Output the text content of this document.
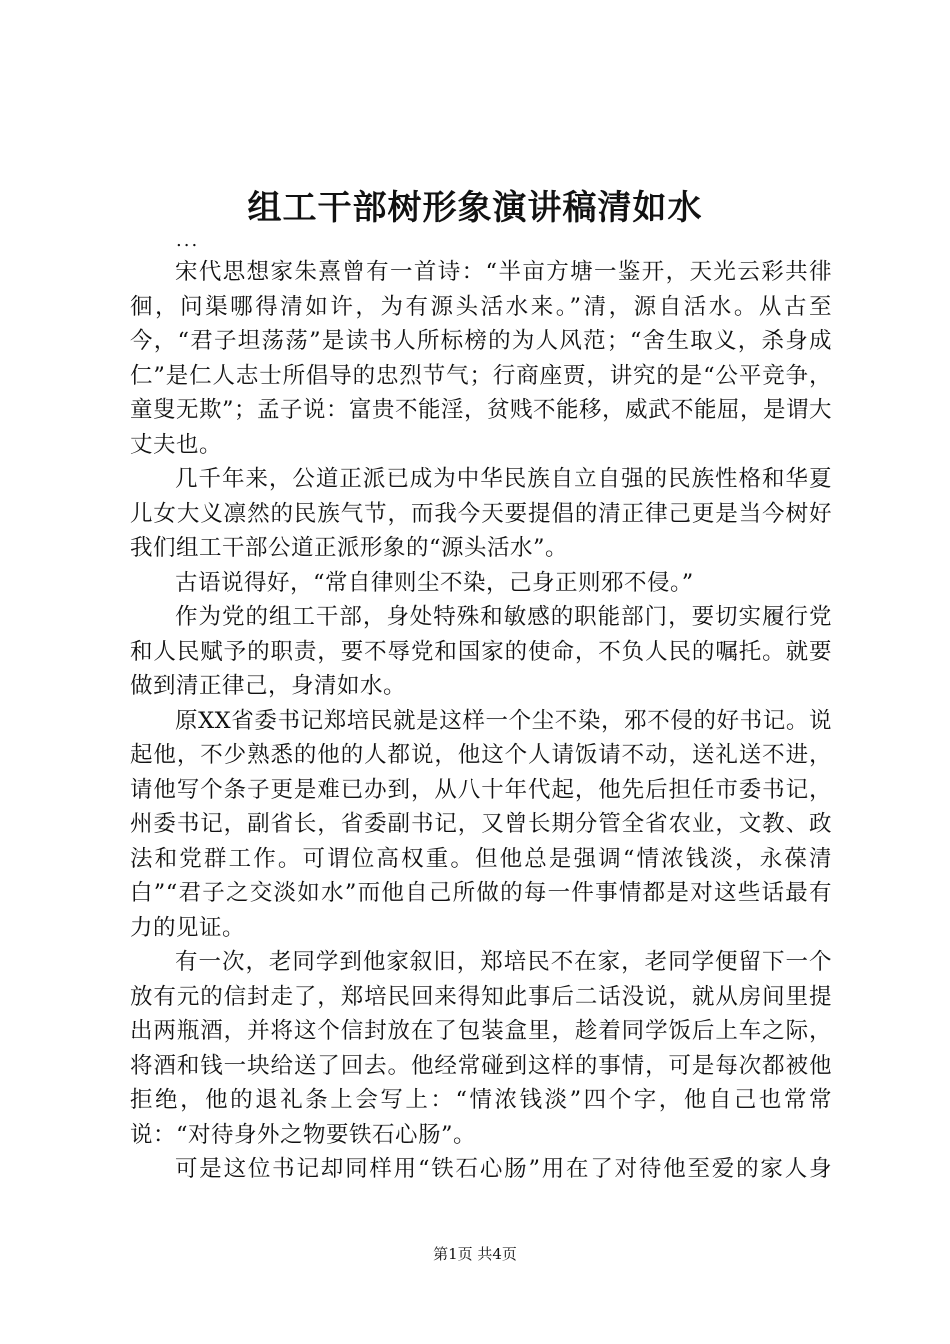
组工干部树形象演讲稿清如水
...

宋代思想家朱熹曾有一首诗：“半亩方塘一鉴开，天光云彩共徘徊，问渠哪得清如许，为有源头活水来。”清，源自活水。从古至今，“君子坦荡荡”是读书人所标榜的为人风范；“舍生取义，杀身成仁”是仁人志士所倡导的忠烈节气；行商座贾，讲究的是“公平竞争，童叟无欺”；孟子说：富贵不能淫，贫贱不能移，威武不能屈，是谓大丈夫也。

几千年来，公道正派已成为中华民族自立自强的民族性格和华夏儿女大义凛然的民族气节，而我今天要提倡的清正律己更是当今树好我们组工干部公道正派形象的“源头活水”。

古语说得好，“常自律则尘不染，己身正则邪不侵。”

作为党的组工干部，身处特殊和敏感的职能部门，要切实履行党和人民赋予的职责，要不辱党和国家的使命，不负人民的嘱托。就要做到清正律己，身清如水。

原XX省委书记郑培民就是这样一个尘不染，邪不侵的好书记。说起他，不少熟悉的他的人都说，他这个人请饭请不动，送礼送不进，请他写个条子更是难已办到，从八十年代起，他先后担任市委书记，州委书记，副省长，省委副书记，又曾长期分管全省农业，文教、政法和党群工作。可谓位高权重。但他总是强调“情浓钱淡，永葆清白”“君子之交淡如水”而他自己所做的每一件事情都是对这些话最有力的见证。

有一次，老同学到他家叙旧，郑培民不在家，老同学便留下一个放有元的信封走了，郑培民回来得知此事后二话没说，就从房间里提出两瓶酒，并将这个信封放在了包装盒里，趁着同学饭后上车之际，将酒和钱一块给送了回去。他经常碰到这样的事情，可是每次都被他拒绝，他的退礼条上会写上：“情浓钱淡”四个字，他自己也常常说：“对待身外之物要铁石心肠”。

可是这位书记却同样用“铁石心肠”用在了对待他至爱的家人身

第1页 共4页
